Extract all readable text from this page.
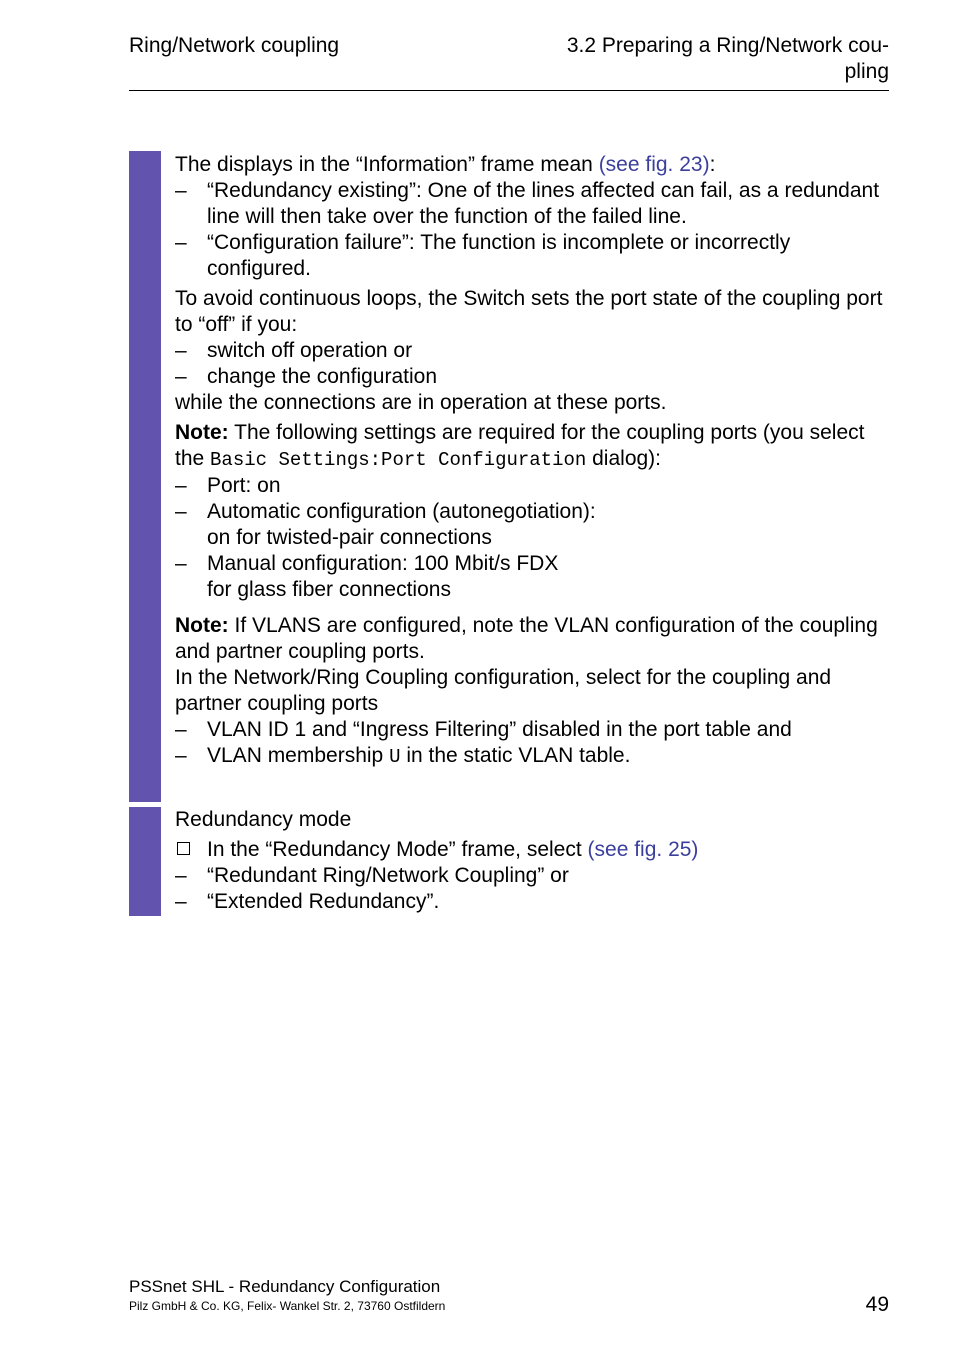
Ring/Network coupling	3.2 Preparing a Ring/Network cou-
pling

The displays in the “Information” frame mean (see fig. 23):

– “Redundancy existing”: One of the lines affected can fail, as a redundant line will then take over the function of the failed line.
– “Configuration failure”: The function is incomplete or incorrectly configured.

To avoid continuous loops, the Switch sets the port state of the coupling port to “off” if you:

– switch off operation or
– change the configuration

while the connections are in operation at these ports.

Note: The following settings are required for the coupling ports (you select the Basic Settings:Port Configuration dialog):

– Port: on
– Automatic configuration (autonegotiation):
on for twisted-pair connections
– Manual configuration: 100 Mbit/s FDX
for glass fiber connections

Note: If VLANS are configured, note the VLAN configuration of the coupling and partner coupling ports.

In the Network/Ring Coupling configuration, select for the coupling and partner coupling ports

– VLAN ID 1 and “Ingress Filtering” disabled in the port table and
– VLAN membership U in the static VLAN table.

Redundancy mode

In the “Redundancy Mode” frame, select (see fig. 25)
– “Redundant Ring/Network Coupling” or
– “Extended Redundancy”.
PSSnet SHL - Redundancy Configuration
Pilz GmbH & Co. KG, Felix- Wankel Str. 2, 73760 Ostfildern	49
